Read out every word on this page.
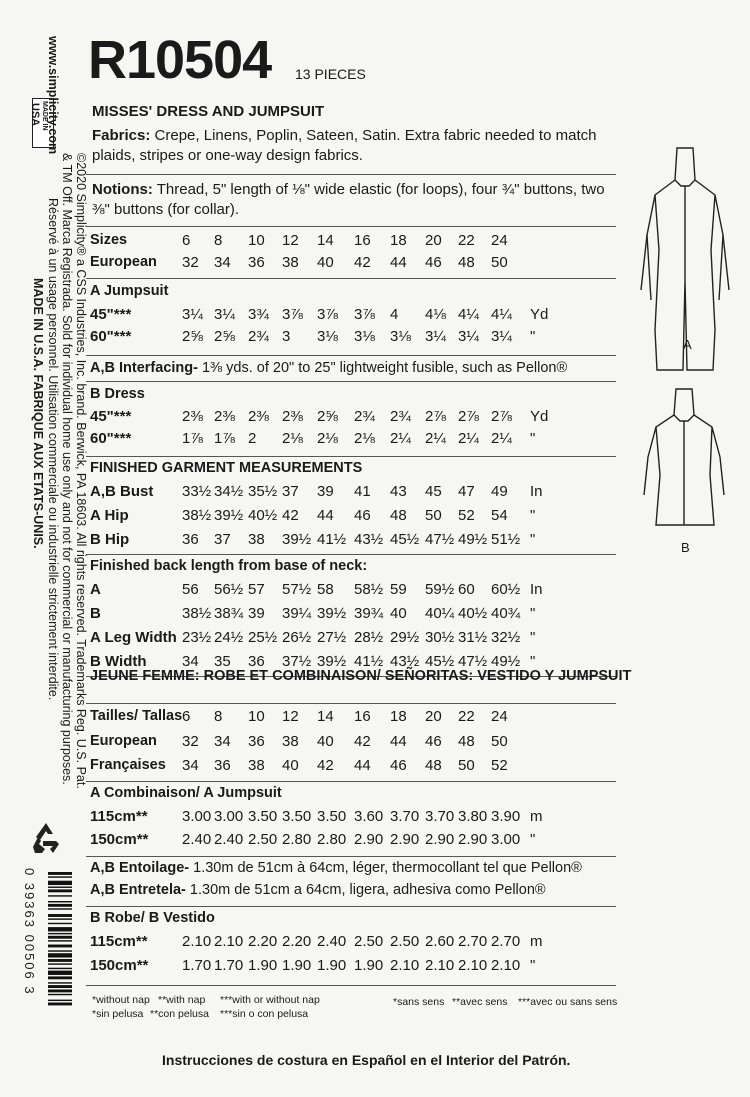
R10504 13 PIECES
MISSES' DRESS AND JUMPSUIT
Fabrics: Crepe, Linens, Poplin, Sateen, Satin. Extra fabric needed to match plaids, stripes or one-way design fabrics.
Notions: Thread, 5" length of ⅛" wide elastic (for loops), four ¾" buttons, two ⅜" buttons (for collar).
Sizes	6 8 10 12 14 16 18 20 22 24
European 32 34 36 38 40 42 44 46 48 50
A Jumpsuit
45"***	3¼ 3¼ 3¾ 3⅞ 3⅞ 3⅞ 4 4⅛ 4¼ 4¼ Yd
60"***	2⅝ 2⅝ 2¾ 3 3⅛ 3⅛ 3⅛ 3¼ 3¼ 3¼ "
B Dress
45"***	2⅜ 2⅜ 2⅜ 2⅜ 2⅝ 2¾ 2¾ 2⅞ 2⅞ 2⅞ Yd
60"***	1⅞ 1⅞ 2 2⅛ 2⅛ 2⅛ 2¼ 2¼ 2¼ 2¼ "
FINISHED GARMENT MEASUREMENTS
A,B Bust 33½ 34½ 35½ 37 39 41 43 45 47 49 In
A Hip	38½ 39½ 40½ 42 44 46 48 50 52 54 "
B Hip	36 37 38 39½ 41½ 43½ 45½ 47½ 49½ 51½ "
Finished back length from base of neck:
A	56 56½ 57 57½ 58 58½ 59 59½ 60 60½ In
B	38½ 38¾ 39 39¼ 39½ 39¾ 40 40¼ 40½ 40¾ "
A Leg Width 23½ 24½ 25½ 26½ 27½ 28½ 29½ 30½ 31½ 32½ "
B Width 34 35 36 37½ 39½ 41½ 43½ 45½ 47½ 49½ "
Tailles/ Tallas 6 8 10 12 14 16 18 20 22 24
European 32 34 36 38 40 42 44 46 48 50
Françaises 34 36 38 40 42 44 46 48 50 52
A Combinaison/ A Jumpsuit
115cm** 3.00 3.00 3.50 3.50 3.50 3.60 3.70 3.70 3.80 3.90 m
150cm** 2.40 2.40 2.50 2.80 2.80 2.90 2.90 2.90 2.90 3.00 "
B Robe/ B Vestido
115cm** 2.10 2.10 2.20 2.20 2.40 2.50 2.50 2.60 2.70 2.70 m
150cm** 1.70 1.70 1.90 1.90 1.90 1.90 2.10 2.10 2.10 2.10 "
JEUNE FEMME: ROBE ET COMBINAISON/ SEÑORITAS: VESTIDO Y JUMPSUIT
A,B Interfacing- 1⅜ yds. of 20" to 25" lightweight fusible, such as Pellon®
A,B Entoilage- 1.30m de 51cm à 64cm, léger, thermocollant tel que Pellon®
A,B Entretela- 1.30m de 51cm a 64cm, ligera, adhesiva como Pellon®
*without nap **with nap ***with or without nap
*sin pelusa **con pelusa ***sin o con pelusa
*sans sens **avec sens ***avec ou sans sens
Instrucciones de costura en Español en el Interior del Patrón.
A
B
MADE IN
USA
©2020 Simplicity® a CSS Industries, Inc. brand. Berwick, PA 18603. All rights reserved. Trademarks Reg. U.S. Pat.
& TM Off. Marca Registrada. Sold for individual home use only and not for commercial or manufacturing purposes.
www.simplicity.com
Réservé à un usage personnel. Utilisation commerciale ou industrielle strictement interdite.
MADE IN U.S.A. FABRIQUE AUX ETATS-UNIS.
0 39363 00506 3
